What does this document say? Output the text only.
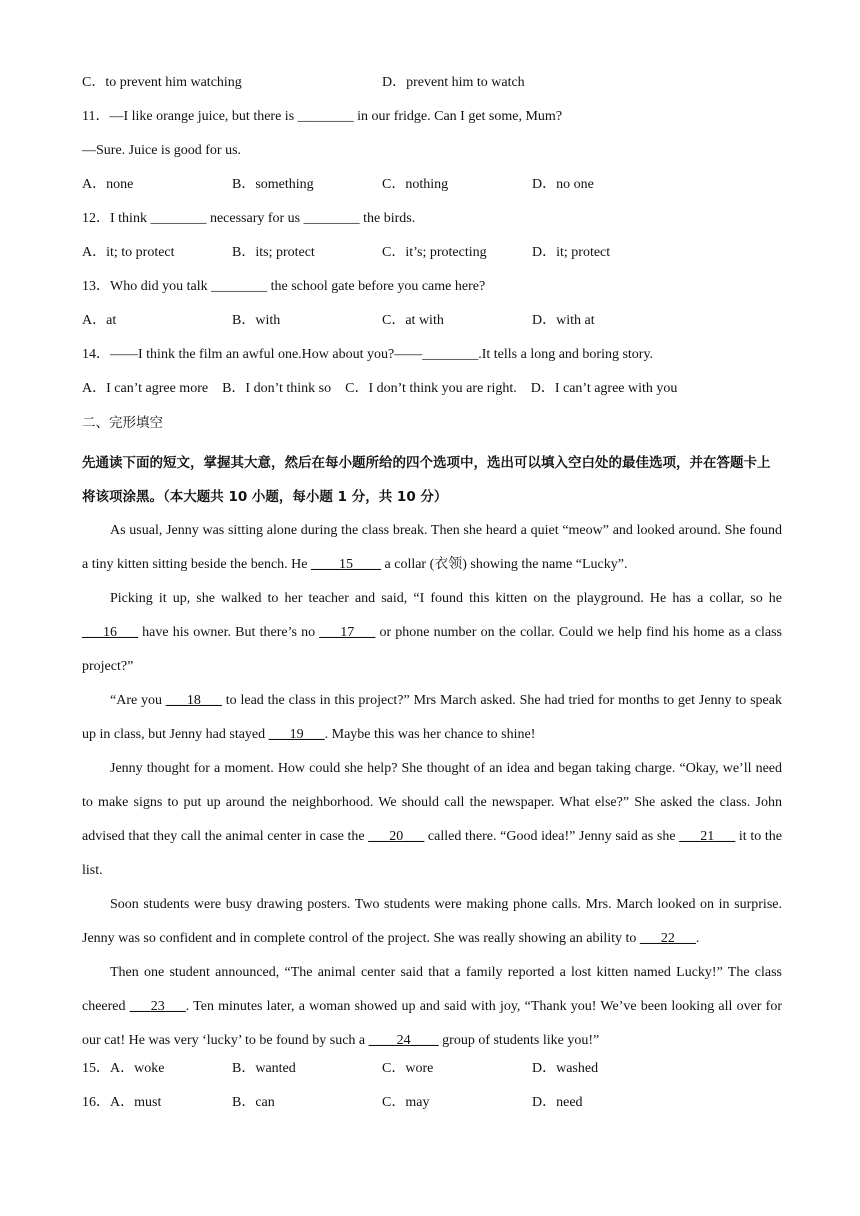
C．to prevent him watching	D．prevent him to watch
11．—I like orange juice, but there is ________ in our fridge. Can I get some, Mum?
—Sure. Juice is good for us.
A．none	B．something	C．nothing	D．no one
12．I think ________ necessary for us ________ the birds.
A．it; to protect	B．its; protect	C．it’s; protecting	D．it; protect
13．Who did you talk ________ the school gate before you came here?
A．at	B．with	C．at with	D．with at
14．——I think the film an awful one.How about you?——________.It tells a long and boring story.
A．I can’t agree more B．I don’t think so C．I don’t think you are right. D．I can’t agree with you
二、完形填空
先通读下面的短文，掌握其大意，然后在每小题所给的四个选项中，选出可以填入空白处的最佳选项，并在答题卡上将该项涂黑。（本大题共 10 小题，每小题 1 分，共 10 分）

As usual, Jenny was sitting alone during the class break. Then she heard a quiet “meow” and looked around. She found a tiny kitten sitting beside the bench. He ____15____ a collar (衣领) showing the name “Lucky”.

Picking it up, she walked to her teacher and said, “I found this kitten on the playground. He has a collar, so he ___16___ have his owner. But there’s no ___17___ or phone number on the collar. Could we help find his home as a class project?”

“Are you ___18___ to lead the class in this project?” Mrs March asked. She had tried for months to get Jenny to speak up in class, but Jenny had stayed ___19___. Maybe this was her chance to shine!

Jenny thought for a moment. How could she help? She thought of an idea and began taking charge. “Okay, we’ll need to make signs to put up around the neighborhood. We should call the newspaper. What else?” She asked the class. John advised that they call the animal center in case the ___20___ called there. “Good idea!” Jenny said as she ___21___ it to the list.

Soon students were busy drawing posters. Two students were making phone calls. Mrs. March looked on in surprise. Jenny was so confident and in complete control of the project. She was really showing an ability to ___22___.

Then one student announced, “The animal center said that a family reported a lost kitten named Lucky!” The class cheered ___23___. Ten minutes later, a woman showed up and said with joy, “Thank you! We’ve been looking all over for our cat! He was very ‘lucky’ to be found by such a ____24____ group of students like you!”

15．A．woke	B．wanted	C．wore	D．washed
16．A．must	B．can	C．may	D．need
